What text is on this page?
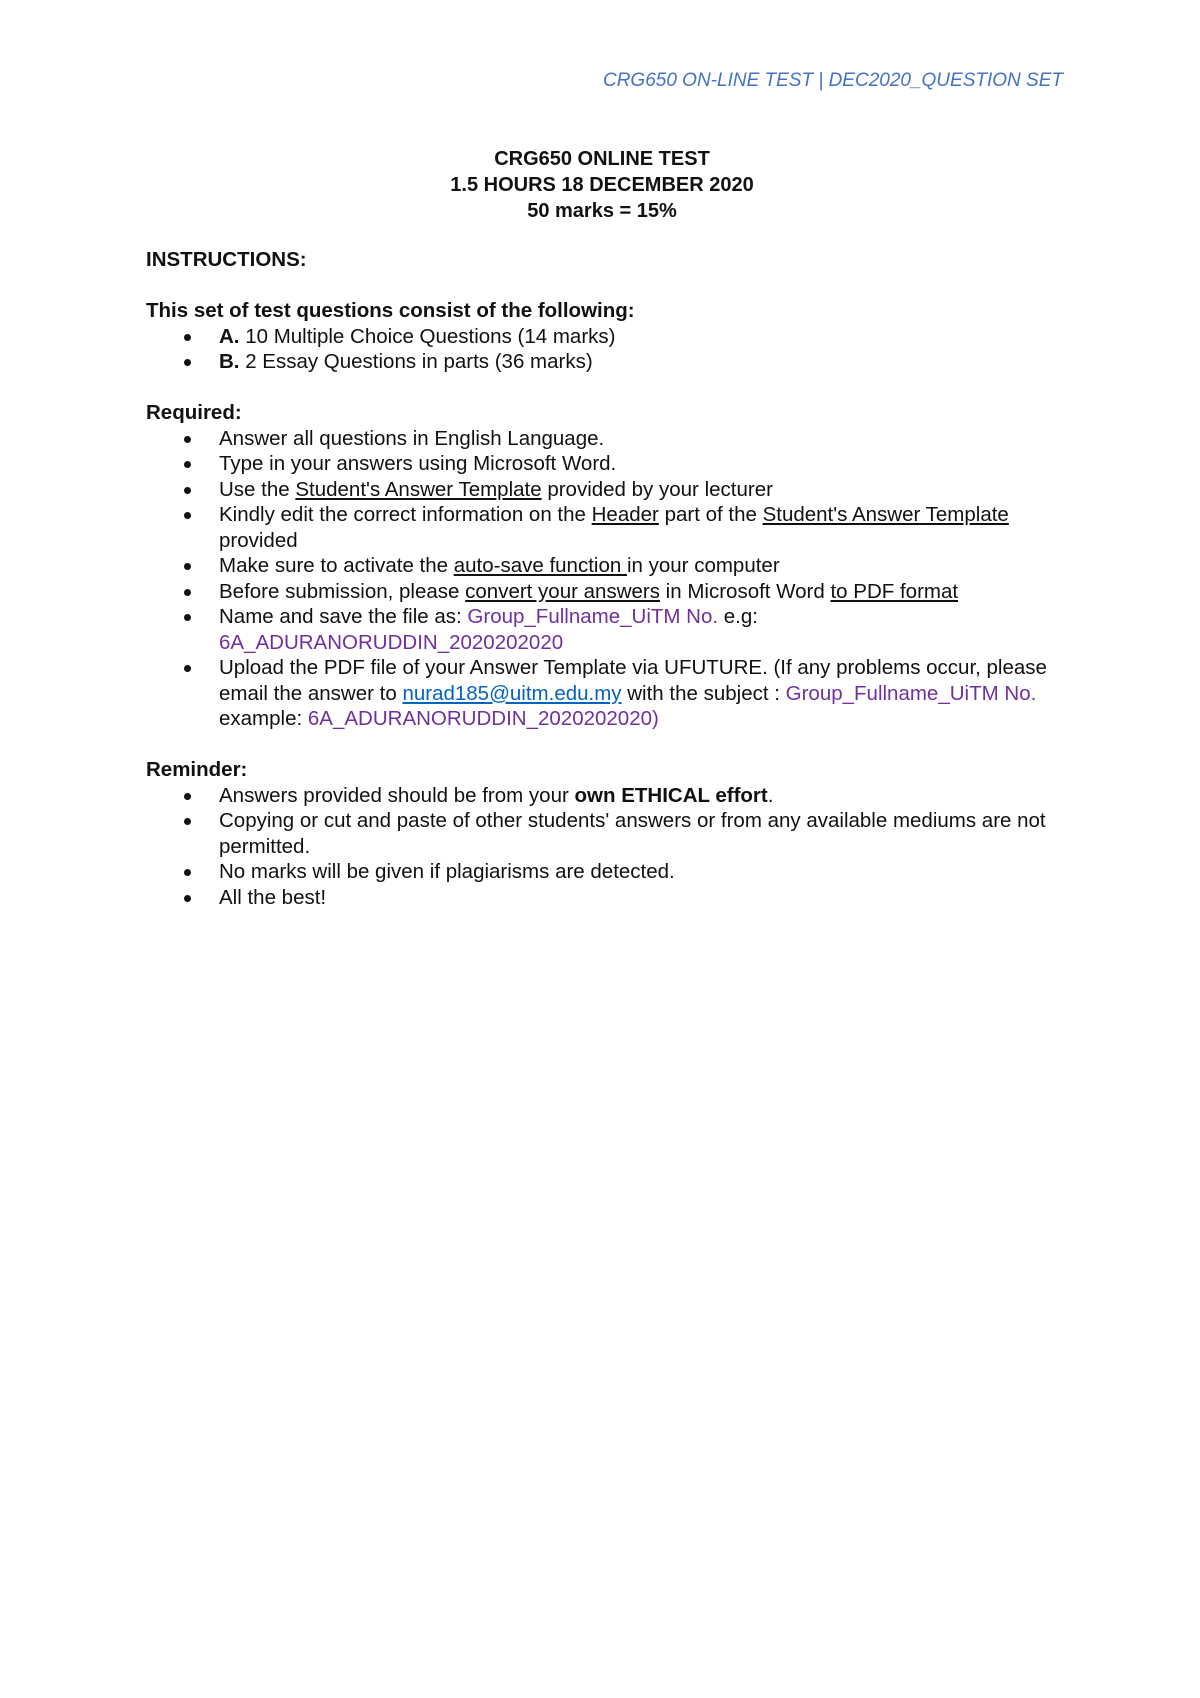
CRG650 ON-LINE TEST | DEC2020_QUESTION SET
CRG650 ONLINE TEST
1.5 HOURS 18 DECEMBER 2020
50 marks = 15%
INSTRUCTIONS:
This set of test questions consist of the following:
A. 10 Multiple Choice Questions (14 marks)
B. 2 Essay Questions in parts (36 marks)
Required:
Answer all questions in English Language.
Type in your answers using Microsoft Word.
Use the Student's Answer Template provided by your lecturer
Kindly edit the correct information on the Header part of the Student's Answer Template provided
Make sure to activate the auto-save function in your computer
Before submission, please convert your answers in Microsoft Word to PDF format
Name and save the file as: Group_Fullname_UiTM No. e.g: 6A_ADURANORUDDIN_2020202020
Upload the PDF file of your Answer Template via UFUTURE. (If any problems occur, please email the answer to nurad185@uitm.edu.my with the subject : Group_Fullname_UiTM No. example: 6A_ADURANORUDDIN_2020202020)
Reminder:
Answers provided should be from your own ETHICAL effort.
Copying or cut and paste of other students' answers or from any available mediums are not permitted.
No marks will be given if plagiarisms are detected.
All the best!
